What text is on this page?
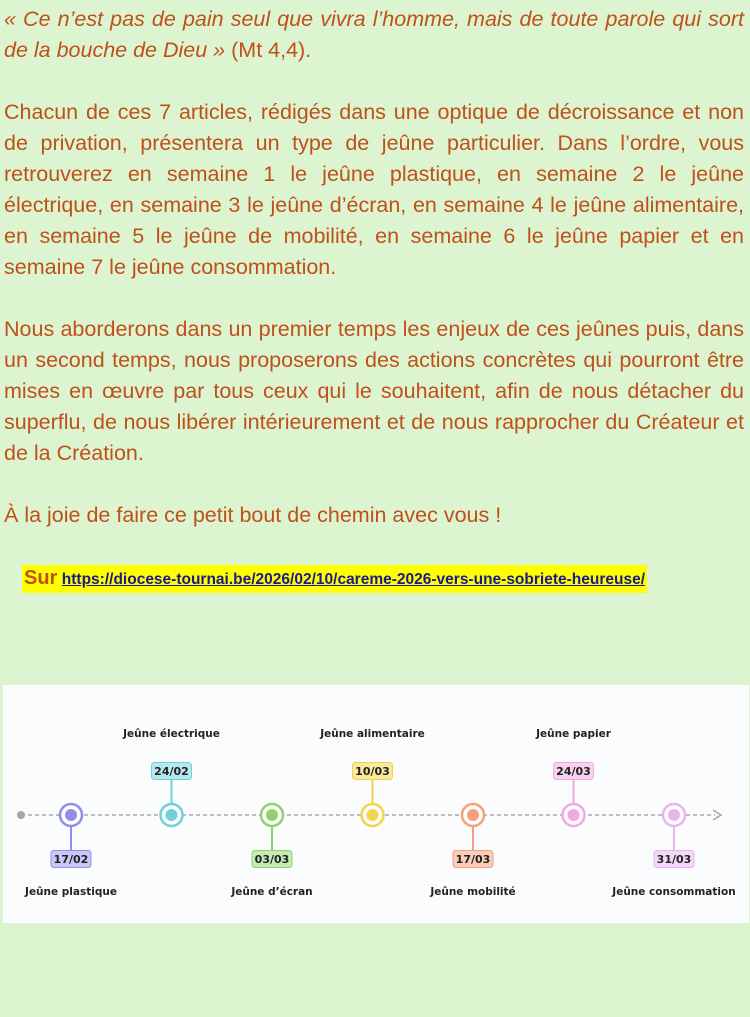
« Ce n’est pas de pain seul que vivra l’homme, mais de toute parole qui sort de la bouche de Dieu » (Mt 4,4).

Chacun de ces 7 articles, rédigés dans une optique de décroissance et non de privation, présentera un type de jeûne particulier. Dans l’ordre, vous retrouverez en semaine 1 le jeûne plastique, en semaine 2 le jeûne électrique, en semaine 3 le jeûne d’écran, en semaine 4 le jeûne alimentaire, en semaine 5 le jeûne de mobilité, en semaine 6 le jeûne papier et en semaine 7 le jeûne consommation.

Nous aborderons dans un premier temps les enjeux de ces jeûnes puis, dans un second temps, nous proposerons des actions concrètes qui pourront être mises en œuvre par tous ceux qui le souhaitent, afin de nous détacher du superflu, de nous libérer intérieurement et de nous rapprocher du Créateur et de la Création.

À la joie de faire ce petit bout de chemin avec vous !

Sur https://diocese-tournai.be/2026/02/10/careme-2026-vers-une-sobriete-heureuse/
17/02
Jeûne plastique
24/02
Jeûne électrique
03/03
Jeûne d’écran
10/03
Jeûne alimentaire
17/03
Jeûne mobilité
24/03
Jeûne papier
31/03
Jeûne consommation
